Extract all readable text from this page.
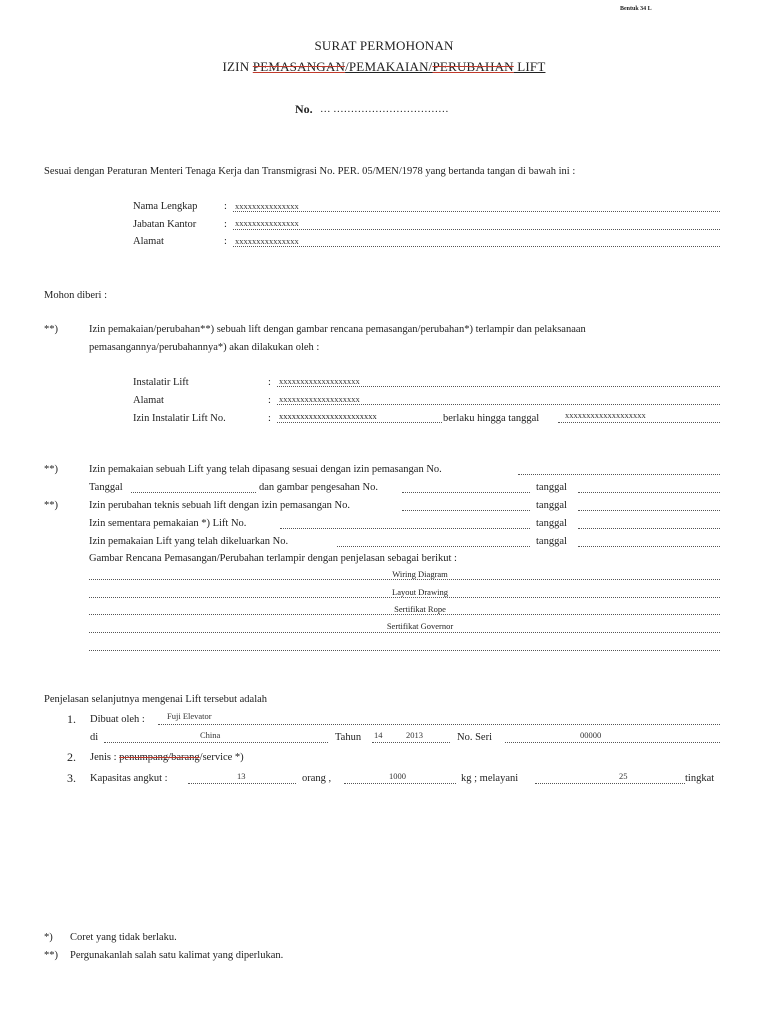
Bentuk 34 L
SURAT PERMOHONAN
IZIN PEMASANGAN/PEMAKAIAN/PERUBAHAN LIFT
No. … ……………………………
Sesuai dengan Peraturan Menteri Tenaga Kerja dan Transmigrasi No. PER. 05/MEN/1978 yang bertanda tangan di bawah ini :
Nama Lengkap	: xxxxxxxxxxxxxxx
Jabatan Kantor	: xxxxxxxxxxxxxxx
Alamat	: xxxxxxxxxxxxxxx
Mohon diberi :
**)	Izin pemakaian/perubahan**) sebuah lift dengan gambar rencana pemasangan/perubahan*) terlampir dan pelaksanaan
pemasangannya/perubahannya*) akan dilakukan oleh :
Instalatir Lift	: xxxxxxxxxxxxxxxxxxx
Alamat	: xxxxxxxxxxxxxxxxxxx
Izin Instalatir Lift No.	: xxxxxxxxxxxxxxxxxxxxxxx	berlaku hingga tanggal	xxxxxxxxxxxxxxxxxxx
**)	Izin pemakaian sebuah Lift yang telah dipasang sesuai dengan izin pemasangan No.
Tanggal	dan gambar pengesahan No.	tanggal
**)	Izin perubahan teknis sebuah lift dengan izin pemasangan No.	tanggal
Izin sementara pemakaian *) Lift No.	tanggal
Izin pemakaian Lift yang telah dikeluarkan No.	tanggal
Gambar Rencana Pemasangan/Perubahan terlampir dengan penjelasan sebagai berikut :
Wiring Diagram
Layout Drawing
Sertifikat Rope
Sertifikat Governor
Penjelasan selanjutnya mengenai Lift tersebut adalah
1. Dibuat oleh :	Fuji Elevator
di	China	Tahun 14	2013	No. Seri	00000
2. Jenis : penumpang/barang/service *)
3. Kapasitas angkut :	13	orang ,	1000	kg ; melayani	25	tingkat
*) Coret yang tidak berlaku.
**) Pergunakanlah salah satu kalimat yang diperlukan.
